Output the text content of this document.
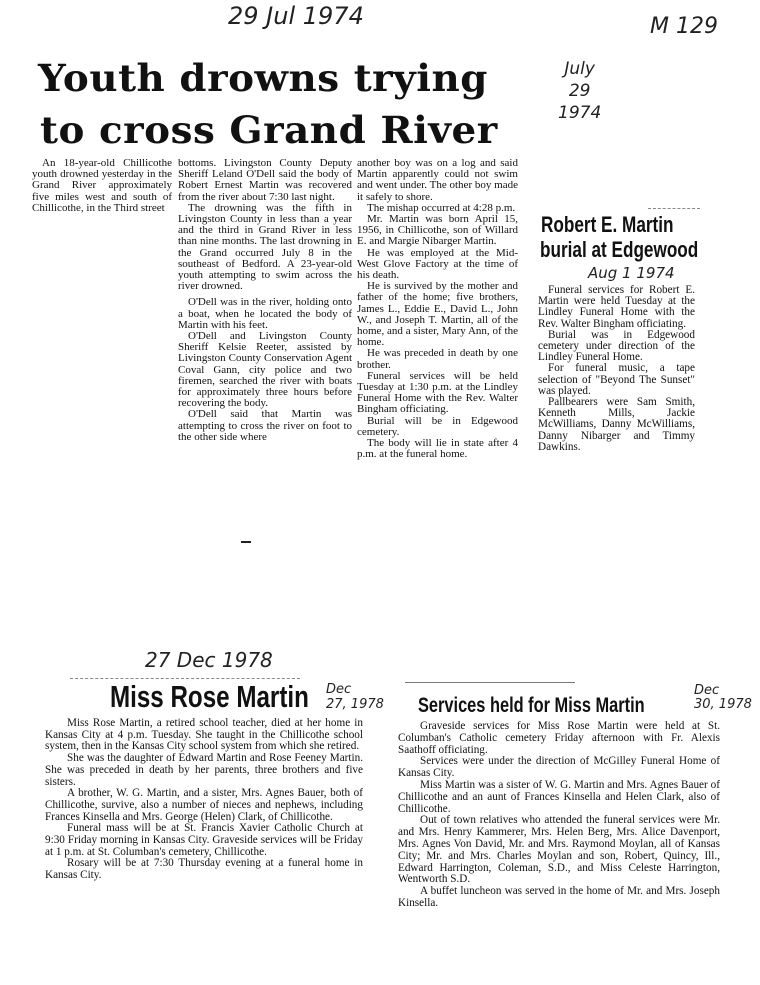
29 Jul 1974	M 129
July
29
1974
Youth drowns trying
to cross Grand River

An 18-year-old Chillicothe youth drowned yesterday in the Grand River approximately five miles west and south of Chillicothe, in the Third street

bottoms. Livingston County Deputy Sheriff Leland O'Dell said the body of Robert Ernest Martin was recovered from the river about 7:30 last night.

The drowning was the fifth in Livingston County in less than a year and the third in Grand River in less than nine months. The last drowning in the Grand occurred July 8 in the southeast of Bedford. A 23-year-old youth attempting to swim across the river drowned.

O'Dell was in the river, holding onto a boat, when he located the body of Martin with his feet.

O'Dell and Livingston County Sheriff Kelsie Reeter, assisted by Livingston County Conservation Agent Coval Gann, city police and two firemen, searched the river with boats for approximately three hours before recovering the body.

O'Dell said that Martin was attempting to cross the river on foot to the other side where

another boy was on a log and said Martin apparently could not swim and went under. The other boy made it safely to shore.

The mishap occurred at 4:28 p.m.

Mr. Martin was born April 15, 1956, in Chillicothe, son of Willard E. and Margie Nibarger Martin.

He was employed at the Mid-West Glove Factory at the time of his death.

He is survived by the mother and father of the home; five brothers, James L., Eddie E., David L., John W., and Joseph T. Martin, all of the home, and a sister, Mary Ann, of the home.

He was preceded in death by one brother.

Funeral services will be held Tuesday at 1:30 p.m. at the Lindley Funeral Home with the Rev. Walter Bingham officiating.

Burial will be in Edgewood cemetery.

The body will lie in state after 4 p.m. at the funeral home.

Robert E. Martin
burial at Edgewood
Aug 1 1974

Funeral services for Robert E. Martin were held Tuesday at the Lindley Funeral Home with the Rev. Walter Bingham officiating.

Burial was in Edgewood cemetery under direction of the Lindley Funeral Home.

For funeral music, a tape selection of "Beyond The Sunset" was played.

Pallbearers were Sam Smith, Kenneth Mills, Jackie McWilliams, Danny McWilliams, Danny Nibarger and Timmy Dawkins.

27 Dec 1978
Miss Rose Martin Dec
27, 1978

Miss Rose Martin, a retired school teacher, died at her home in Kansas City at 4 p.m. Tuesday. She taught in the Chillicothe school system, then in the Kansas City school system from which she retired.

She was the daughter of Edward Martin and Rose Feeney Martin. She was preceded in death by her parents, three brothers and five sisters.

A brother, W. G. Martin, and a sister, Mrs. Agnes Bauer, both of Chillicothe, survive, also a number of nieces and nephews, including Frances Kinsella and Mrs. George (Helen) Clark, of Chillicothe.

Funeral mass will be at St. Francis Xavier Catholic Church at 9:30 Friday morning in Kansas City. Graveside services will be Friday at 1 p.m. at St. Columban's cemetery, Chillicothe.

Rosary will be at 7:30 Thursday evening at a funeral home in Kansas City.

Services held for Miss Martin
Dec
30, 1978

Graveside services for Miss Rose Martin were held at St. Columban's Catholic cemetery Friday afternoon with Fr. Alexis Saathoff officiating.

Services were under the direction of McGilley Funeral Home of Kansas City.

Miss Martin was a sister of W. G. Martin and Mrs. Agnes Bauer of Chillicothe and an aunt of Frances Kinsella and Helen Clark, also of Chillicothe.

Out of town relatives who attended the funeral services were Mr. and Mrs. Henry Kammerer, Mrs. Helen Berg, Mrs. Alice Davenport, Mrs. Agnes Von David, Mr. and Mrs. Raymond Moylan, all of Kansas City; Mr. and Mrs. Charles Moylan and son, Robert, Quincy, Ill., Edward Harrington, Coleman, S.D., and Miss Celeste Harrington, Wentworth S.D.

A buffet luncheon was served in the home of Mr. and Mrs. Joseph Kinsella.
